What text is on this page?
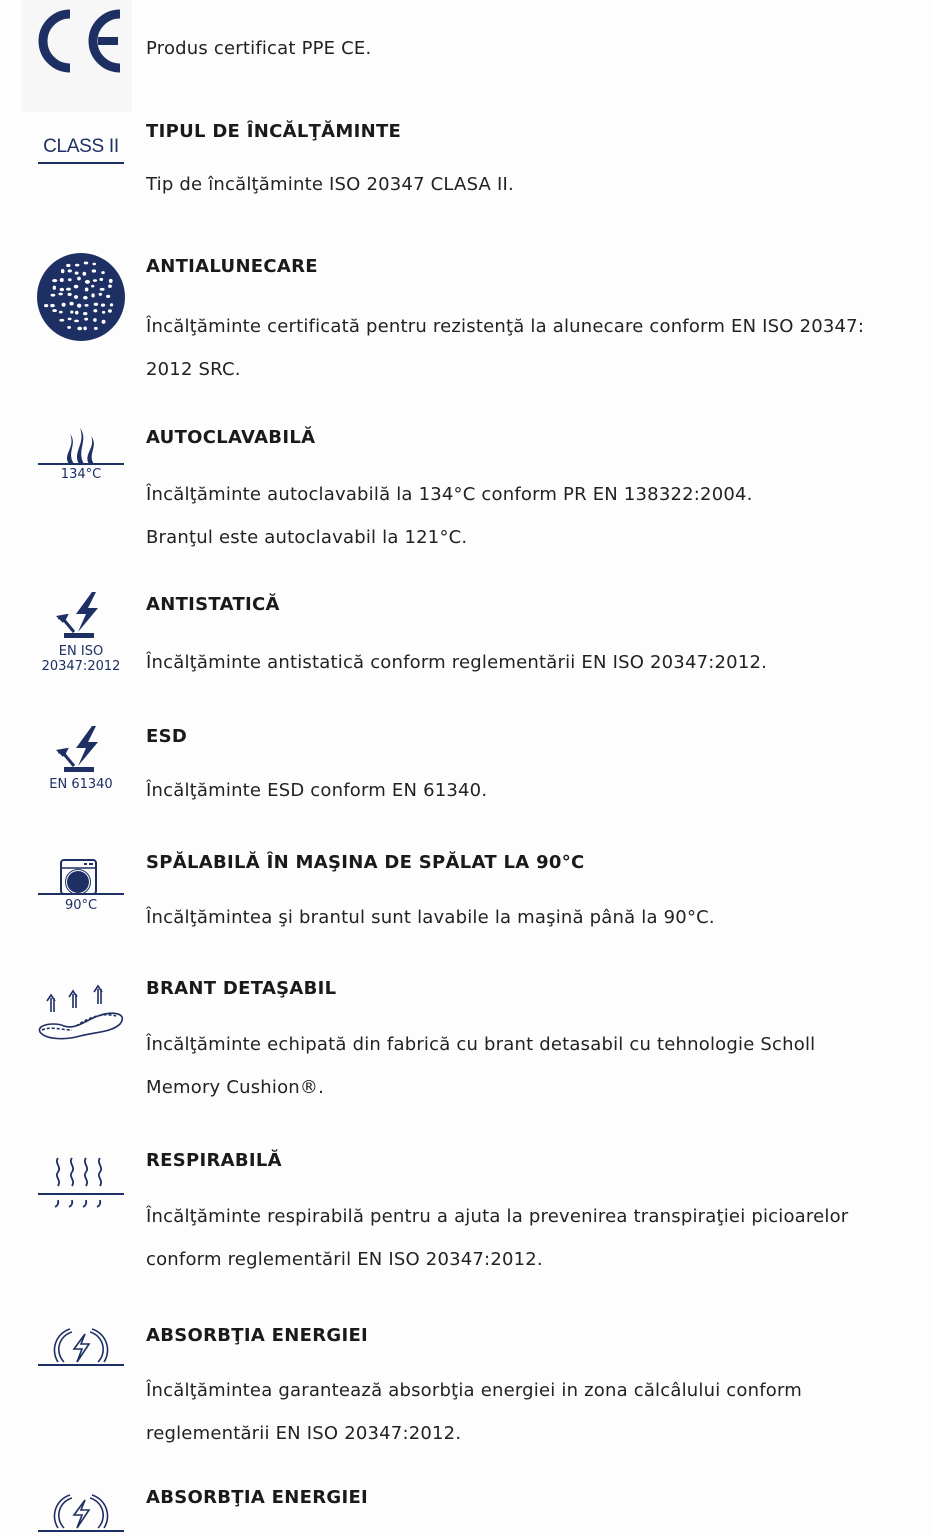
Produs certificat PPE CE.
CLASS II
TIPUL DE ÎNCĂLŢĂMINTE
Tip de încălţăminte ISO 20347 CLASA II.
ANTIALUNECARE
Încălţăminte certificată pentru rezistenţă la alunecare conform EN ISO 20347:
2012 SRC.
134°C
AUTOCLAVABILĂ
Încălţăminte autoclavabilă la 134°C conform PR EN 138322:2004.
Branţul este autoclavabil la 121°C.
EN ISO
20347:2012
ANTISTATICĂ
Încălţăminte antistatică conform reglementării EN ISO 20347:2012.
EN 61340
ESD
Încălţăminte ESD conform EN 61340.
90°C
SPĂLABILĂ ÎN MAŞINA DE SPĂLAT LA 90°C
Încălţămintea şi brantul sunt lavabile la maşină până la 90°C.
BRANT DETAŞABIL
Încălţăminte echipată din fabrică cu brant detasabil cu tehnologie Scholl
Memory Cushion®.
RESPIRABILĂ
Încălţăminte respirabilă pentru a ajuta la prevenirea transpiraţiei picioarelor
conform reglementăril EN ISO 20347:2012.
ABSORBŢIA ENERGIEI
Încălţămintea garantează absorbţia energiei in zona călcâlului conform
reglementării EN ISO 20347:2012.
ABSORBŢIA ENERGIEI
